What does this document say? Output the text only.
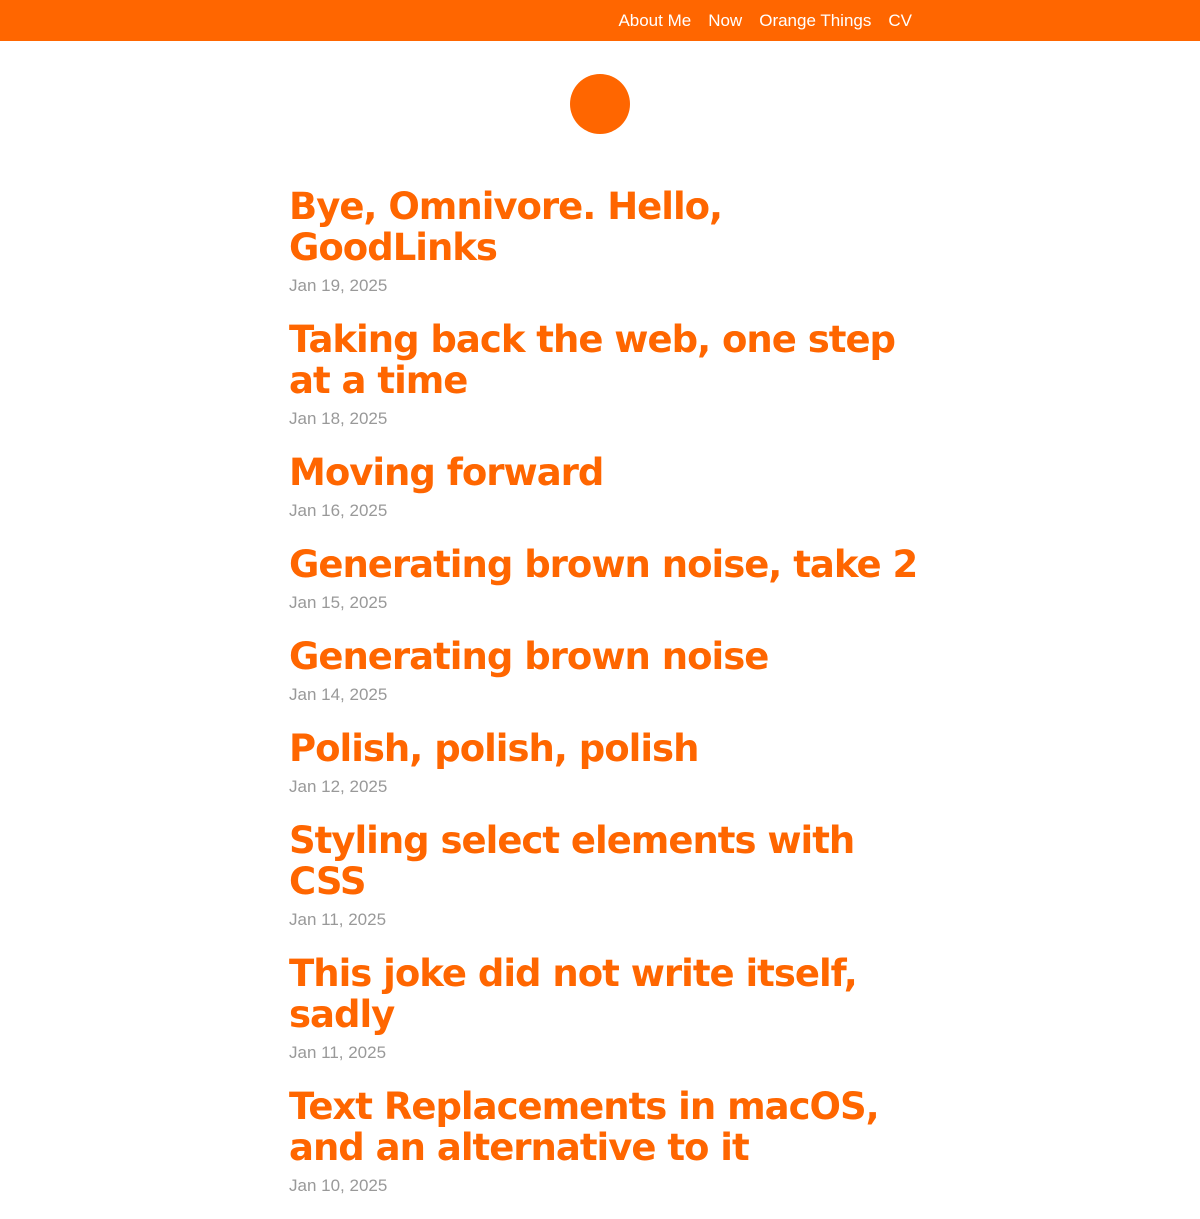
About Me Now Orange Things CV
Bye, Omnivore. Hello, GoodLinks
Jan 19, 2025
Taking back the web, one step at a time
Jan 18, 2025
Moving forward
Jan 16, 2025
Generating brown noise, take 2
Jan 15, 2025
Generating brown noise
Jan 14, 2025
Polish, polish, polish
Jan 12, 2025
Styling select elements with CSS
Jan 11, 2025
This joke did not write itself, sadly
Jan 11, 2025
Text Replacements in macOS, and an alternative to it
Jan 10, 2025
